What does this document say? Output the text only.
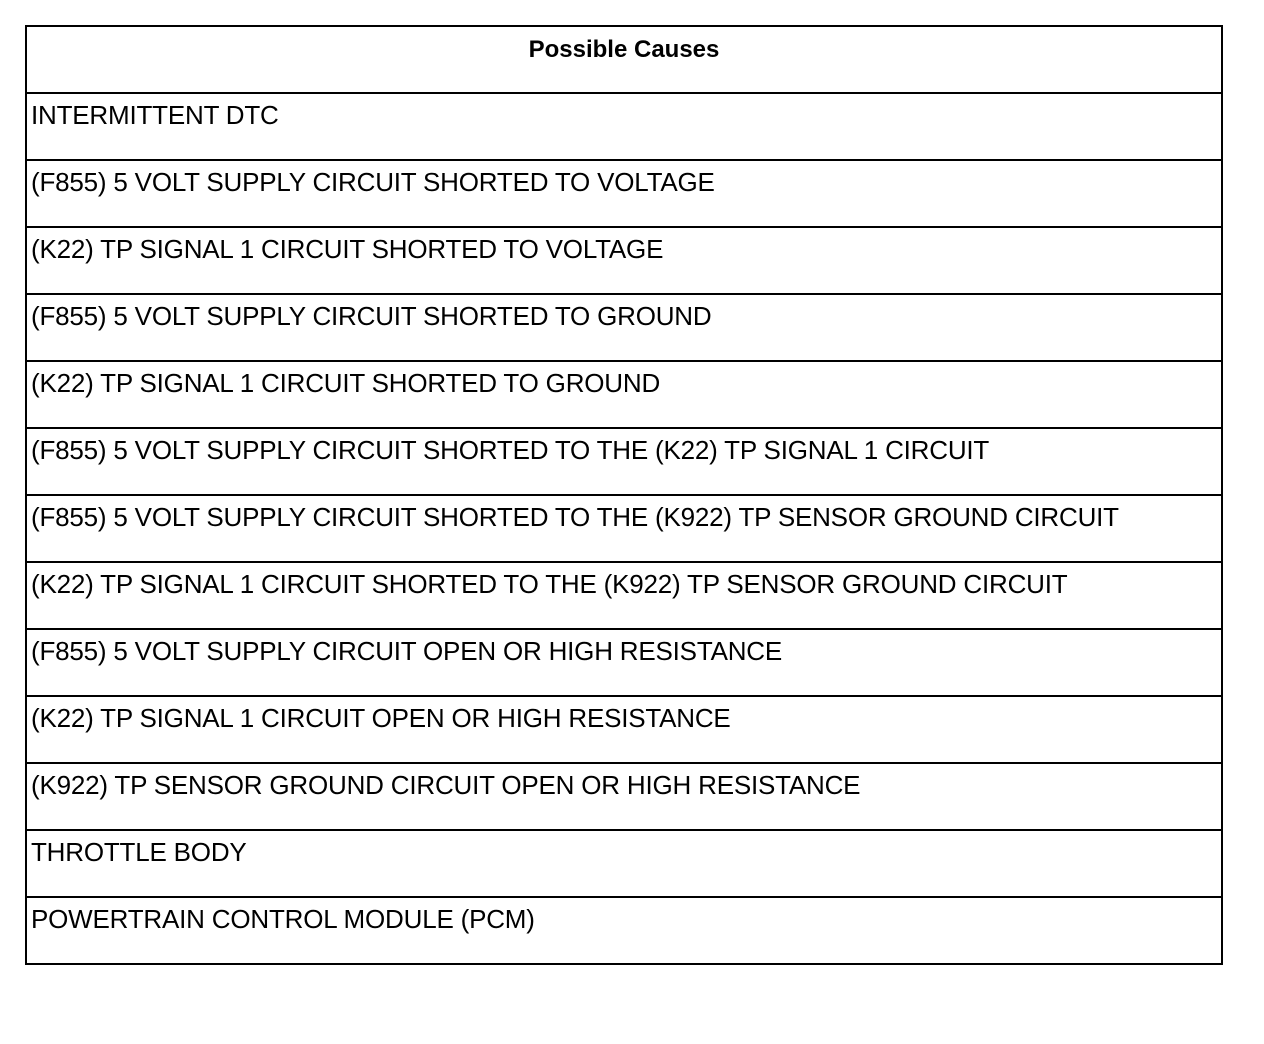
Possible Causes
INTERMITTENT DTC
(F855) 5 VOLT SUPPLY CIRCUIT SHORTED TO VOLTAGE
(K22) TP SIGNAL 1 CIRCUIT SHORTED TO VOLTAGE
(F855) 5 VOLT SUPPLY CIRCUIT SHORTED TO GROUND
(K22) TP SIGNAL 1 CIRCUIT SHORTED TO GROUND
(F855) 5 VOLT SUPPLY CIRCUIT SHORTED TO THE (K22) TP SIGNAL 1 CIRCUIT
(F855) 5 VOLT SUPPLY CIRCUIT SHORTED TO THE (K922) TP SENSOR GROUND CIRCUIT
(K22) TP SIGNAL 1 CIRCUIT SHORTED TO THE (K922) TP SENSOR GROUND CIRCUIT
(F855) 5 VOLT SUPPLY CIRCUIT OPEN OR HIGH RESISTANCE
(K22) TP SIGNAL 1 CIRCUIT OPEN OR HIGH RESISTANCE
(K922) TP SENSOR GROUND CIRCUIT OPEN OR HIGH RESISTANCE
THROTTLE BODY
POWERTRAIN CONTROL MODULE (PCM)
